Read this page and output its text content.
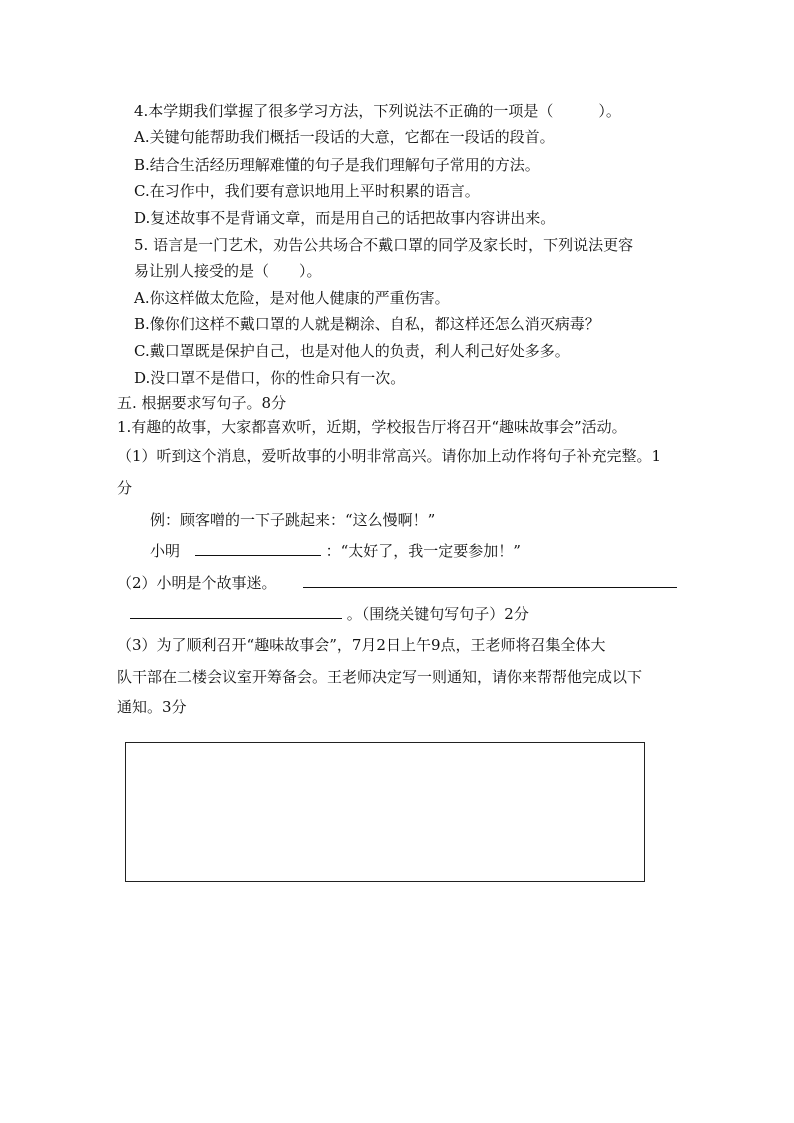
4.本学期我们掌握了很多学习方法，下列说法不正确的一项是（　　　）。
A.关键句能帮助我们概括一段话的大意，它都在一段话的段首。
B.结合生活经历理解难懂的句子是我们理解句子常用的方法。
C.在习作中，我们要有意识地用上平时积累的语言。
D.复述故事不是背诵文章，而是用自己的话把故事内容讲出来。
5. 语言是一门艺术，劝告公共场合不戴口罩的同学及家长时，下列说法更容
易让别人接受的是（　　）。
A.你这样做太危险，是对他人健康的严重伤害。
B.像你们这样不戴口罩的人就是糊涂、自私，都这样还怎么消灭病毒？
C.戴口罩既是保护自己，也是对他人的负责，利人利己好处多多。
D.没口罩不是借口，你的性命只有一次。
五. 根据要求写句子。8分
1.有趣的故事，大家都喜欢听，近期，学校报告厅将召开“趣味故事会”活动。
（1）听到这个消息，爱听故事的小明非常高兴。请你加上动作将句子补充完整。1
分
例：顾客噌的一下子跳起来：“这么慢啊！”
小明	：“太好了，我一定要参加！”
（2）小明是个故事迷。
。（围绕关键句写句子）2分
（3）为了顺利召开“趣味故事会”，7月2日上午9点，王老师将召集全体大
队干部在二楼会议室开筹备会。王老师决定写一则通知，请你来帮帮他完成以下
通知。3分
